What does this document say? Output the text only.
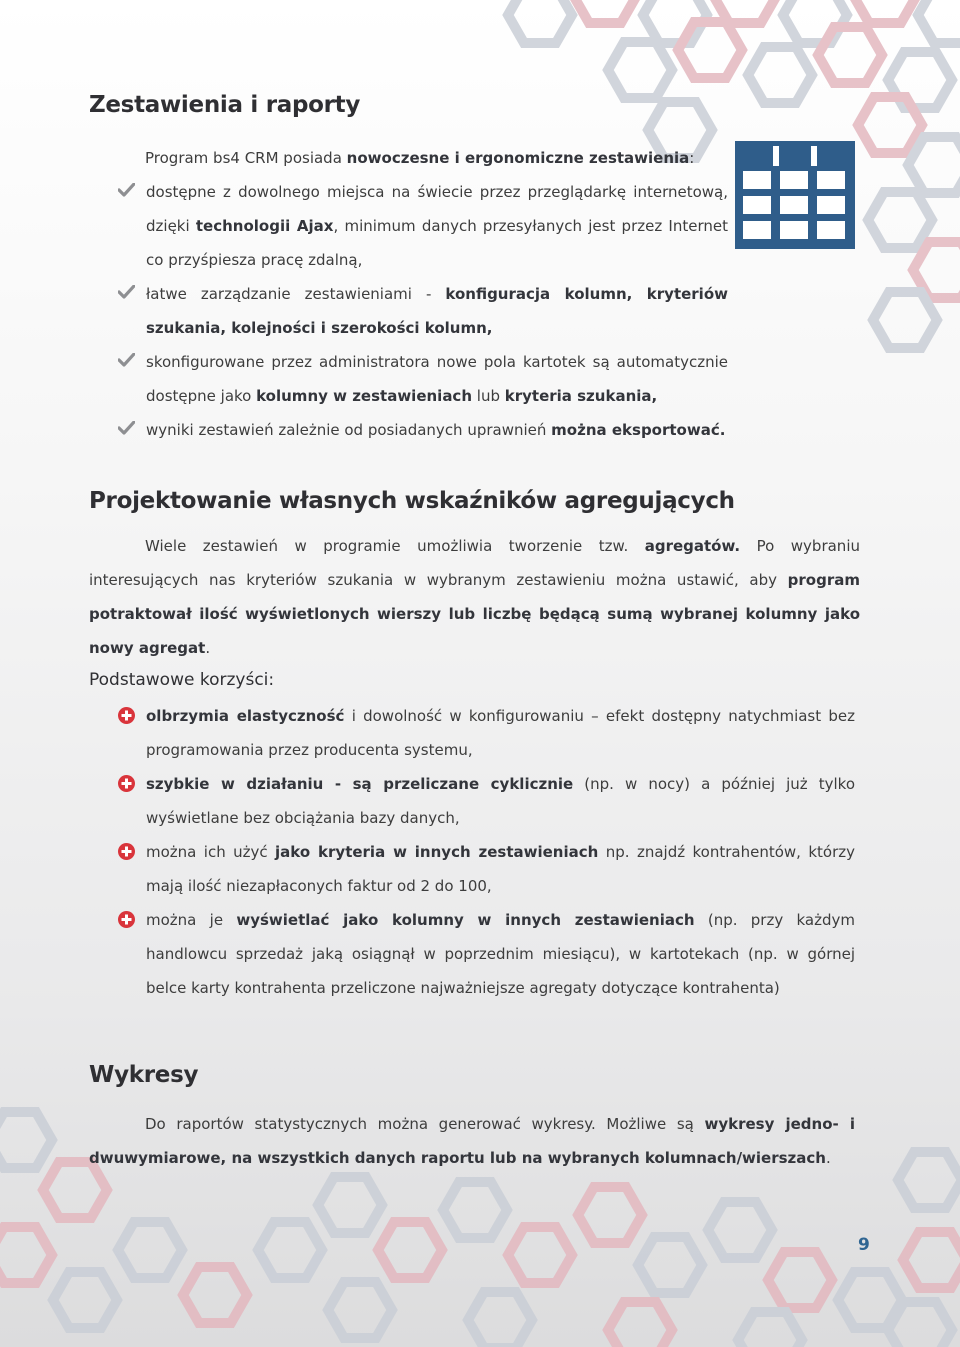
Zestawienia i raporty
Program bs4 CRM posiada nowoczesne i ergonomiczne zestawienia:
dostępne z dowolnego miejsca na świecie przez przeglądarkę internetową, dzięki technologii Ajax, minimum danych przesyłanych jest przez Internet co przyśpiesza pracę zdalną,
łatwe zarządzanie zestawieniami - konfiguracja kolumn, kryteriów szukania, kolejności i szerokości kolumn,
skonfigurowane przez administratora nowe pola kartotek są automatycznie dostępne jako kolumny w zestawieniach lub kryteria szukania,
wyniki zestawień zależnie od posiadanych uprawnień można eksportować.
Projektowanie własnych wskaźników agregujących
Wiele zestawień w programie umożliwia tworzenie tzw. agregatów. Po wybraniu interesujących nas kryteriów szukania w wybranym zestawieniu można ustawić, aby program potraktował ilość wyświetlonych wierszy lub liczbę będącą sumą wybranej kolumny jako nowy agregat.
Podstawowe korzyści:
olbrzymia elastyczność i dowolność w konfigurowaniu – efekt dostępny natychmiast bez programowania przez producenta systemu,
szybkie w działaniu - są przeliczane cyklicznie (np. w nocy) a później już tylko wyświetlane bez obciążania bazy danych,
można ich użyć jako kryteria w innych zestawieniach np. znajdź kontrahentów, którzy mają ilość niezapłaconych faktur od 2 do 100,
można je wyświetlać jako kolumny w innych zestawieniach (np. przy każdym handlowcu sprzedaż jaką osiągnął w poprzednim miesiącu), w kartotekach (np. w górnej belce karty kontrahenta przeliczone najważniejsze agregaty dotyczące kontrahenta)
Wykresy
Do raportów statystycznych można generować wykresy. Możliwe są wykresy jedno- i dwuwymiarowe, na wszystkich danych raportu lub na wybranych kolumnach/wierszach.
9
